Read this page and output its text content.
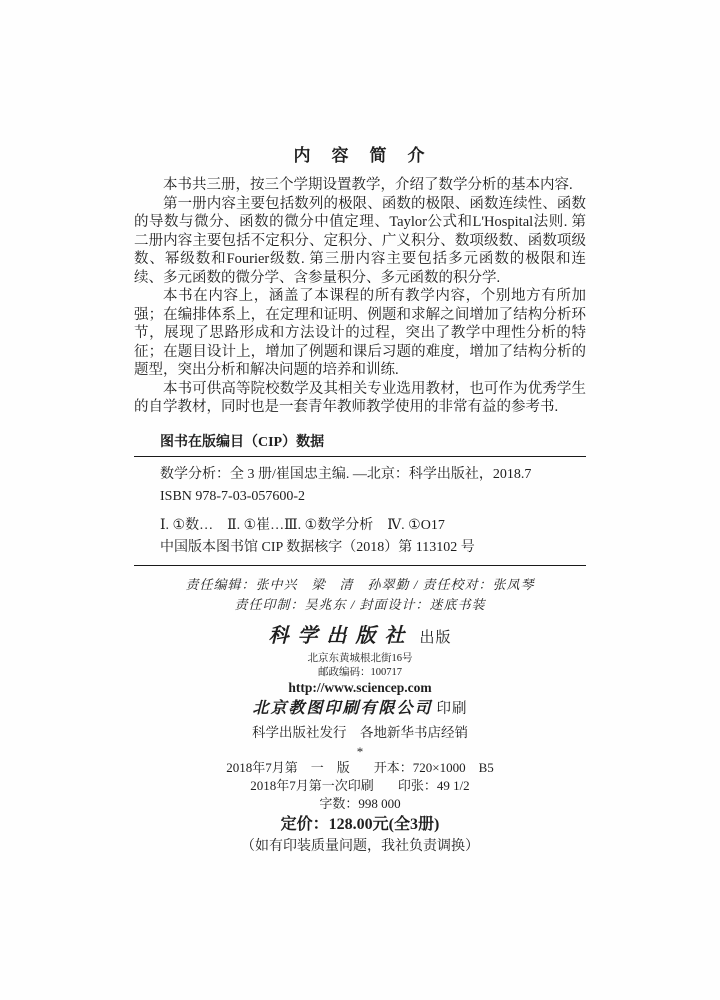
内　容　简　介

本书共三册，按三个学期设置教学，介绍了数学分析的基本内容.

第一册内容主要包括数列的极限、函数的极限、函数连续性、函数的导数与微分、函数的微分中值定理、Taylor公式和L'Hospital法则. 第二册内容主要包括不定积分、定积分、广义积分、数项级数、函数项级数、幂级数和Fourier级数. 第三册内容主要包括多元函数的极限和连续、多元函数的微分学、含参量积分、多元函数的积分学.

本书在内容上，涵盖了本课程的所有教学内容，个别地方有所加强；在编排体系上，在定理和证明、例题和求解之间增加了结构分析环节，展现了思路形成和方法设计的过程，突出了教学中理性分析的特征；在题目设计上，增加了例题和课后习题的难度，增加了结构分析的题型，突出分析和解决问题的培养和训练.

本书可供高等院校数学及其相关专业选用教材，也可作为优秀学生的自学教材，同时也是一套青年教师教学使用的非常有益的参考书.

图书在版编目（CIP）数据

数学分析：全 3 册/崔国忠主编. —北京：科学出版社，2018.7

ISBN 978-7-03-057600-2

Ⅰ. ①数…　Ⅱ. ①崔…Ⅲ. ①数学分析　Ⅳ. ①O17

中国版本图书馆 CIP 数据核字（2018）第 113102 号

责任编辑：张中兴　梁　清　孙翠勤 / 责任校对：张凤琴

责任印制：吴兆东 / 封面设计：迷底书装

科学出版社 出版
北京东黄城根北街16号
邮政编码：100717
http://www.sciencep.com
北京教图印刷有限公司 印刷
科学出版社发行　各地新华书店经销
*
2018年7月第　一　版 开本：720×1000　B5
2018年7月第一次印刷 印张：49 1/2
字数：998 000
定价：128.00元(全3册)
（如有印装质量问题，我社负责调换）
